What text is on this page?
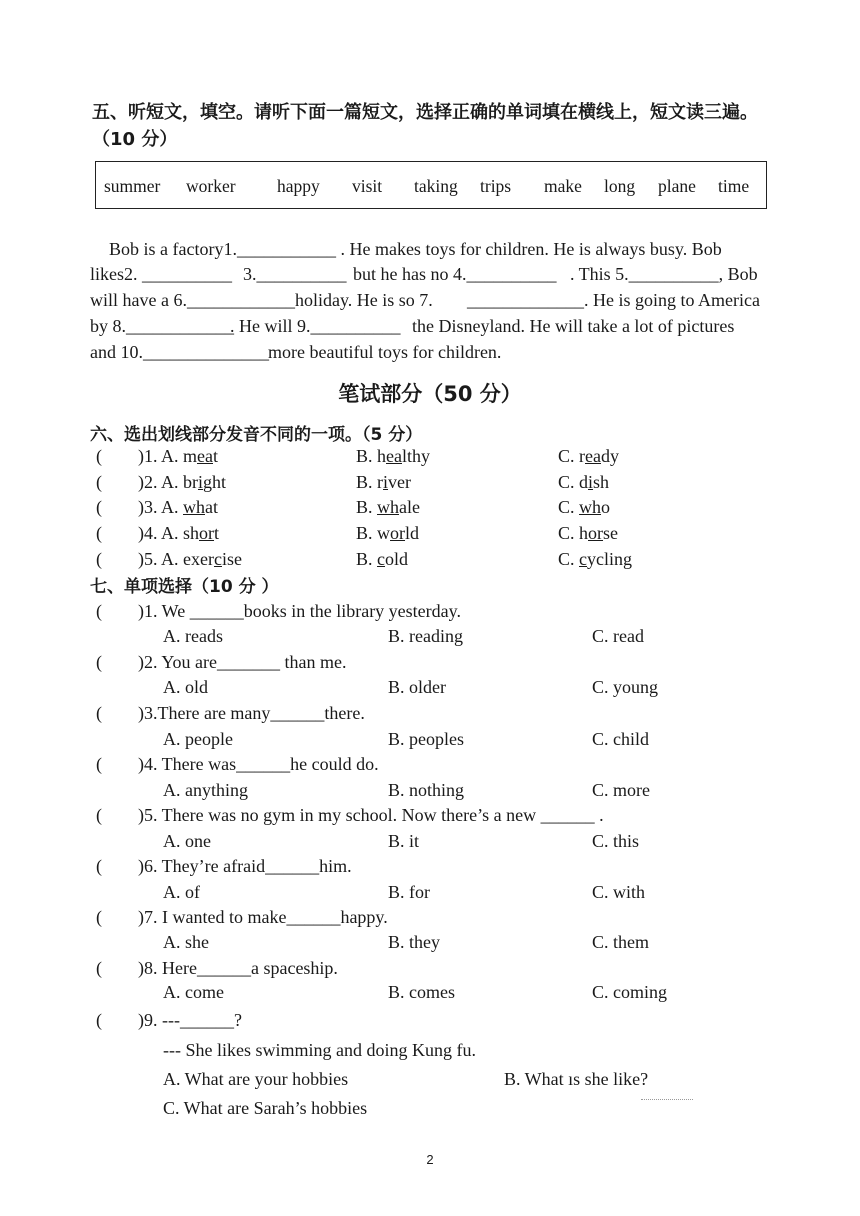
五、听短文，填空。请听下面一篇短文，选择正确的单词填在横线上，短文读三遍。
（10 分）
summer worker happy visit taking trips make long plane time
Bob is a factory1.___________ . He makes toys for children. He is always busy. Bob
likes2. __________ 3.__________ but he has no 4.__________ . This 5.__________, Bob
will have a 6.____________holiday. He is so 7. _____________. He is going to America
by 8.____________
. He will 9.__________ the Disneyland. He will take a lot of pictures
and 10.______________ more beautiful toys for children.
笔试部分（50 分）
六、选出划线部分发音不同的一项。（5 分）
( )1. A. meat	B. healthy	C. ready
( )2. A. bright	B. river	C. dish
( )3. A. what	B. whale	C. who
( )4. A. short	B. world	C. horse
( )5. A. exercise	B. cold	C. cycling
七、单项选择（10 分 ）
( )1. We ______books in the library yesterday.
A. reads	B. reading	C. read
( )2. You are_______ than me.
A. old	B. older	C. young
( )3.There are many______there.
A. people	B. peoples	C. child
( )4. There was______he could do.
A. anything	B. nothing	C. more
( )5. There was no gym in my school. Now there’s a new ______ .
A. one	B. it	C. this
( )6. They’re afraid______him.
A. of	B. for	C. with
( )7. I wanted to make______happy.
A. she	B. they	C. them
( )8. Here______a spaceship.
A. come	B. comes	C. coming
( )9. ---______?
--- She likes swimming and doing Kung fu.
A. What are your hobbies	B. What ıs she like?
C. What are Sarah’s hobbies
2
